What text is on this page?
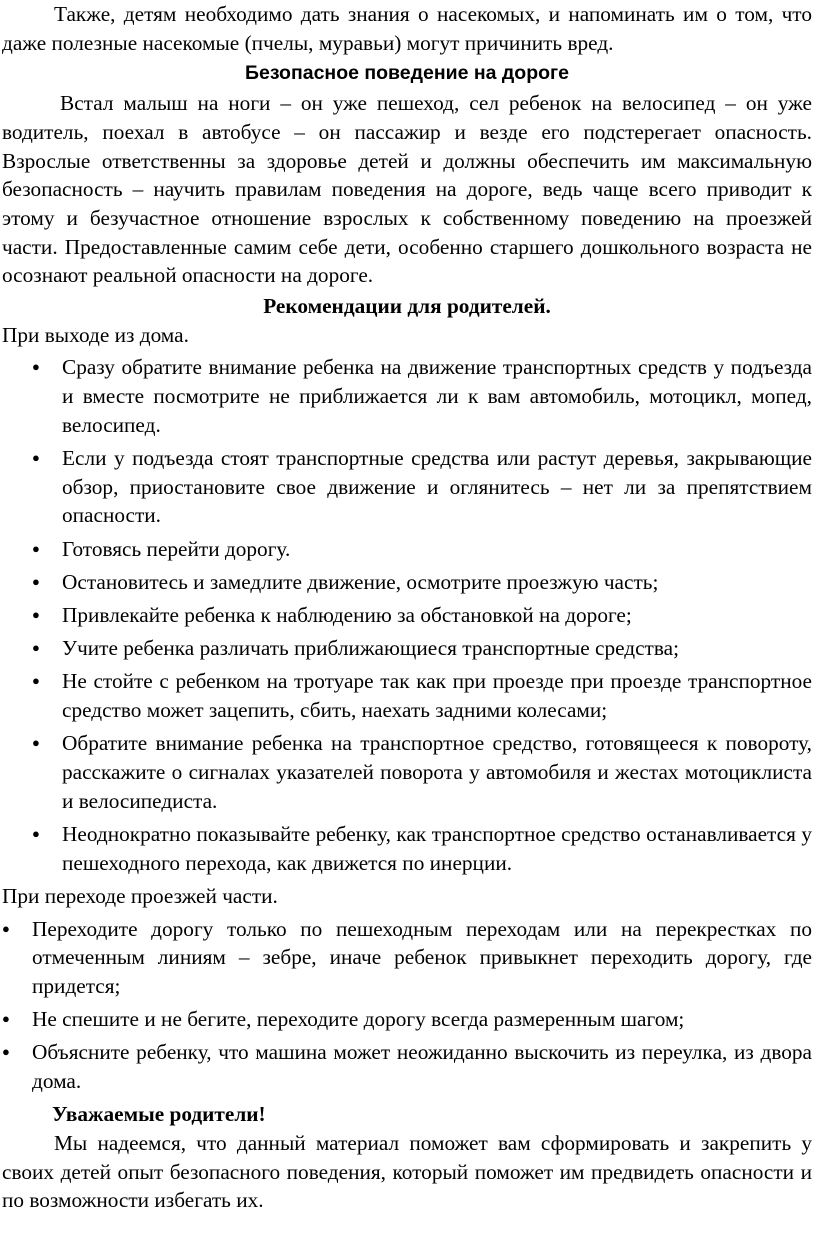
Также, детям необходимо дать знания о насекомых, и напоминать им о том, что даже полезные насекомые (пчелы, муравьи) могут причинить вред.

Безопасное поведение на дороге

Встал малыш на ноги – он уже пешеход, сел ребенок на велосипед – он уже водитель, поехал в автобусе – он пассажир и везде его подстерегает опасность. Взрослые ответственны за здоровье детей и должны обеспечить им максимальную безопасность – научить правилам поведения на дороге, ведь чаще всего приводит к этому и безучастное отношение взрослых к собственному поведению на проезжей части. Предоставленные самим себе дети, особенно старшего дошкольного возраста не осознают реальной опасности на дороге.

Рекомендации для родителей.

При выходе из дома.

● Сразу обратите внимание ребенка на движение транспортных средств у подъезда и вместе посмотрите не приближается ли к вам автомобиль, мотоцикл, мопед, велосипед.
● Если у подъезда стоят транспортные средства или растут деревья, закрывающие обзор, приостановите свое движение и оглянитесь – нет ли за препятствием опасности.
● Готовясь перейти дорогу.
● Остановитесь и замедлите движение, осмотрите проезжую часть;
● Привлекайте ребенка к наблюдению за обстановкой на дороге;
● Учите ребенка различать приближающиеся транспортные средства;
● Не стойте с ребенком на тротуаре так как при проезде при проезде транспортное средство может зацепить, сбить, наехать задними колесами;
● Обратите внимание ребенка на транспортное средство, готовящееся к повороту, расскажите о сигналах указателей поворота у автомобиля и жестах мотоциклиста и велосипедиста.
● Неоднократно показывайте ребенку, как транспортное средство останавливается у пешеходного перехода, как движется по инерции.

При переходе проезжей части.

● Переходите дорогу только по пешеходным переходам или на перекрестках по отмеченным линиям – зебре, иначе ребенок привыкнет переходить дорогу, где придется;
● Не спешите и не бегите, переходите дорогу всегда размеренным шагом;
● Объясните ребенку, что машина может неожиданно выскочить из переулка, из двора дома.
Уважаемые родители!

Мы надеемся, что данный материал поможет вам сформировать и закрепить у своих детей опыт безопасного поведения, который поможет им предвидеть опасности и по возможности избегать их.
